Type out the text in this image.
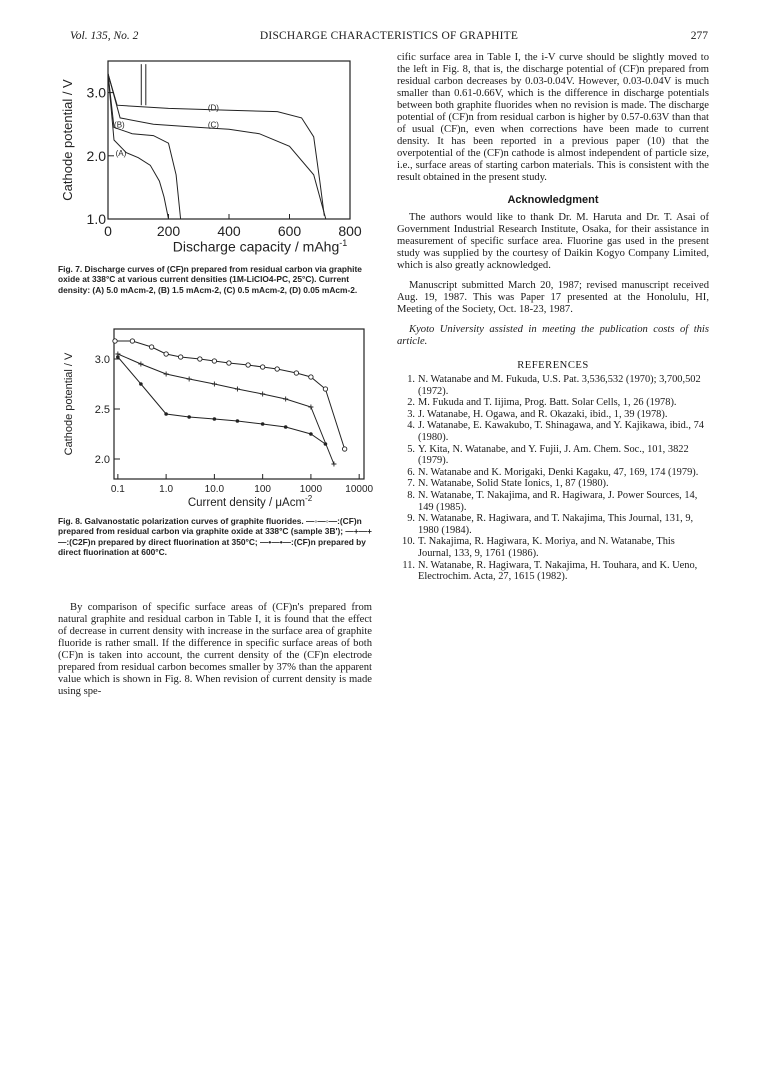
Vol. 135, No. 2	DISCHARGE CHARACTERISTICS OF GRAPHITE	277
0	200	400	600	800
1.0
2.0
3.0
Cathode potential / V	(A)
(B)	(C)
(D)
Discharge capacity / mAhg$^{-1}$
Fig. 7. Discharge curves of (CF)n prepared from residual carbon via graphite oxide at 338°C at various current densities (1M-LiClO4-PC, 25°C). Current density: (A) 5.0 mAcm-2, (B) 1.5 mAcm-2, (C) 0.5 mAcm-2, (D) 0.05 mAcm-2.
0.1	1.0	10.0	100	1000 10000
2.0
2.5
3.0
Cathode potential / V
Current density / μAcm$^{-2}$
Fig. 8. Galvanostatic polarization curves of graphite fluorides. —◦—◦—:(CF)n prepared from residual carbon via graphite oxide at 338°C (sample 3B'); —+—+—:(C2F)n prepared by direct fluorination at 350°C; —•—•—:(CF)n prepared by direct fluorination at 600°C.

By comparison of specific surface areas of (CF)n's prepared from natural graphite and residual carbon in Table I, it is found that the effect of decrease in current density with increase in the surface area of graphite fluoride is rather small. If the difference in specific surface areas of both (CF)n is taken into account, the current density of the (CF)n electrode prepared from residual carbon becomes smaller by 37% than the apparent value which is shown in Fig. 8. When revision of current density is made using spe-

cific surface area in Table I, the i-V curve should be slightly moved to the left in Fig. 8, that is, the discharge potential of (CF)n prepared from residual carbon decreases by 0.03-0.04V. However, 0.03-0.04V is much smaller than 0.61-0.66V, which is the difference in discharge potentials between both graphite fluorides when no revision is made. The discharge potential of (CF)n from residual carbon is higher by 0.57-0.63V than that of usual (CF)n, even when corrections have been made to current density. It has been reported in a previous paper (10) that the overpotential of the (CF)n cathode is almost independent of particle size, i.e., surface areas of starting carbon materials. This is consistent with the result obtained in the present study.

Acknowledgment

The authors would like to thank Dr. M. Haruta and Dr. T. Asai of Government Industrial Research Institute, Osaka, for their assistance in measurement of specific surface area. Fluorine gas used in the present study was supplied by the courtesy of Daikin Kogyo Company Limited, which is also greatly acknowledged.

Manuscript submitted March 20, 1987; revised manuscript received Aug. 19, 1987. This was Paper 17 presented at the Honolulu, HI, Meeting of the Society, Oct. 18-23, 1987.

Kyoto University assisted in meeting the publication costs of this article.

REFERENCES
1. N. Watanabe and M. Fukuda, U.S. Pat. 3,536,532 (1970); 3,700,502 (1972).
2. M. Fukuda and T. Iijima, Prog. Batt. Solar Cells, 1, 26 (1978).
3. J. Watanabe, H. Ogawa, and R. Okazaki, ibid., 1, 39 (1978).
4. J. Watanabe, E. Kawakubo, T. Shinagawa, and Y. Kajikawa, ibid., 74 (1980).
5. Y. Kita, N. Watanabe, and Y. Fujii, J. Am. Chem. Soc., 101, 3822 (1979).
6. N. Watanabe and K. Morigaki, Denki Kagaku, 47, 169, 174 (1979).
7. N. Watanabe, Solid State Ionics, 1, 87 (1980).
8. N. Watanabe, T. Nakajima, and R. Hagiwara, J. Power Sources, 14, 149 (1985).
9. N. Watanabe, R. Hagiwara, and T. Nakajima, This Journal, 131, 9, 1980 (1984).
10. T. Nakajima, R. Hagiwara, K. Moriya, and N. Watanabe, This Journal, 133, 9, 1761 (1986).
11. N. Watanabe, R. Hagiwara, T. Nakajima, H. Touhara, and K. Ueno, Electrochim. Acta, 27, 1615 (1982).
